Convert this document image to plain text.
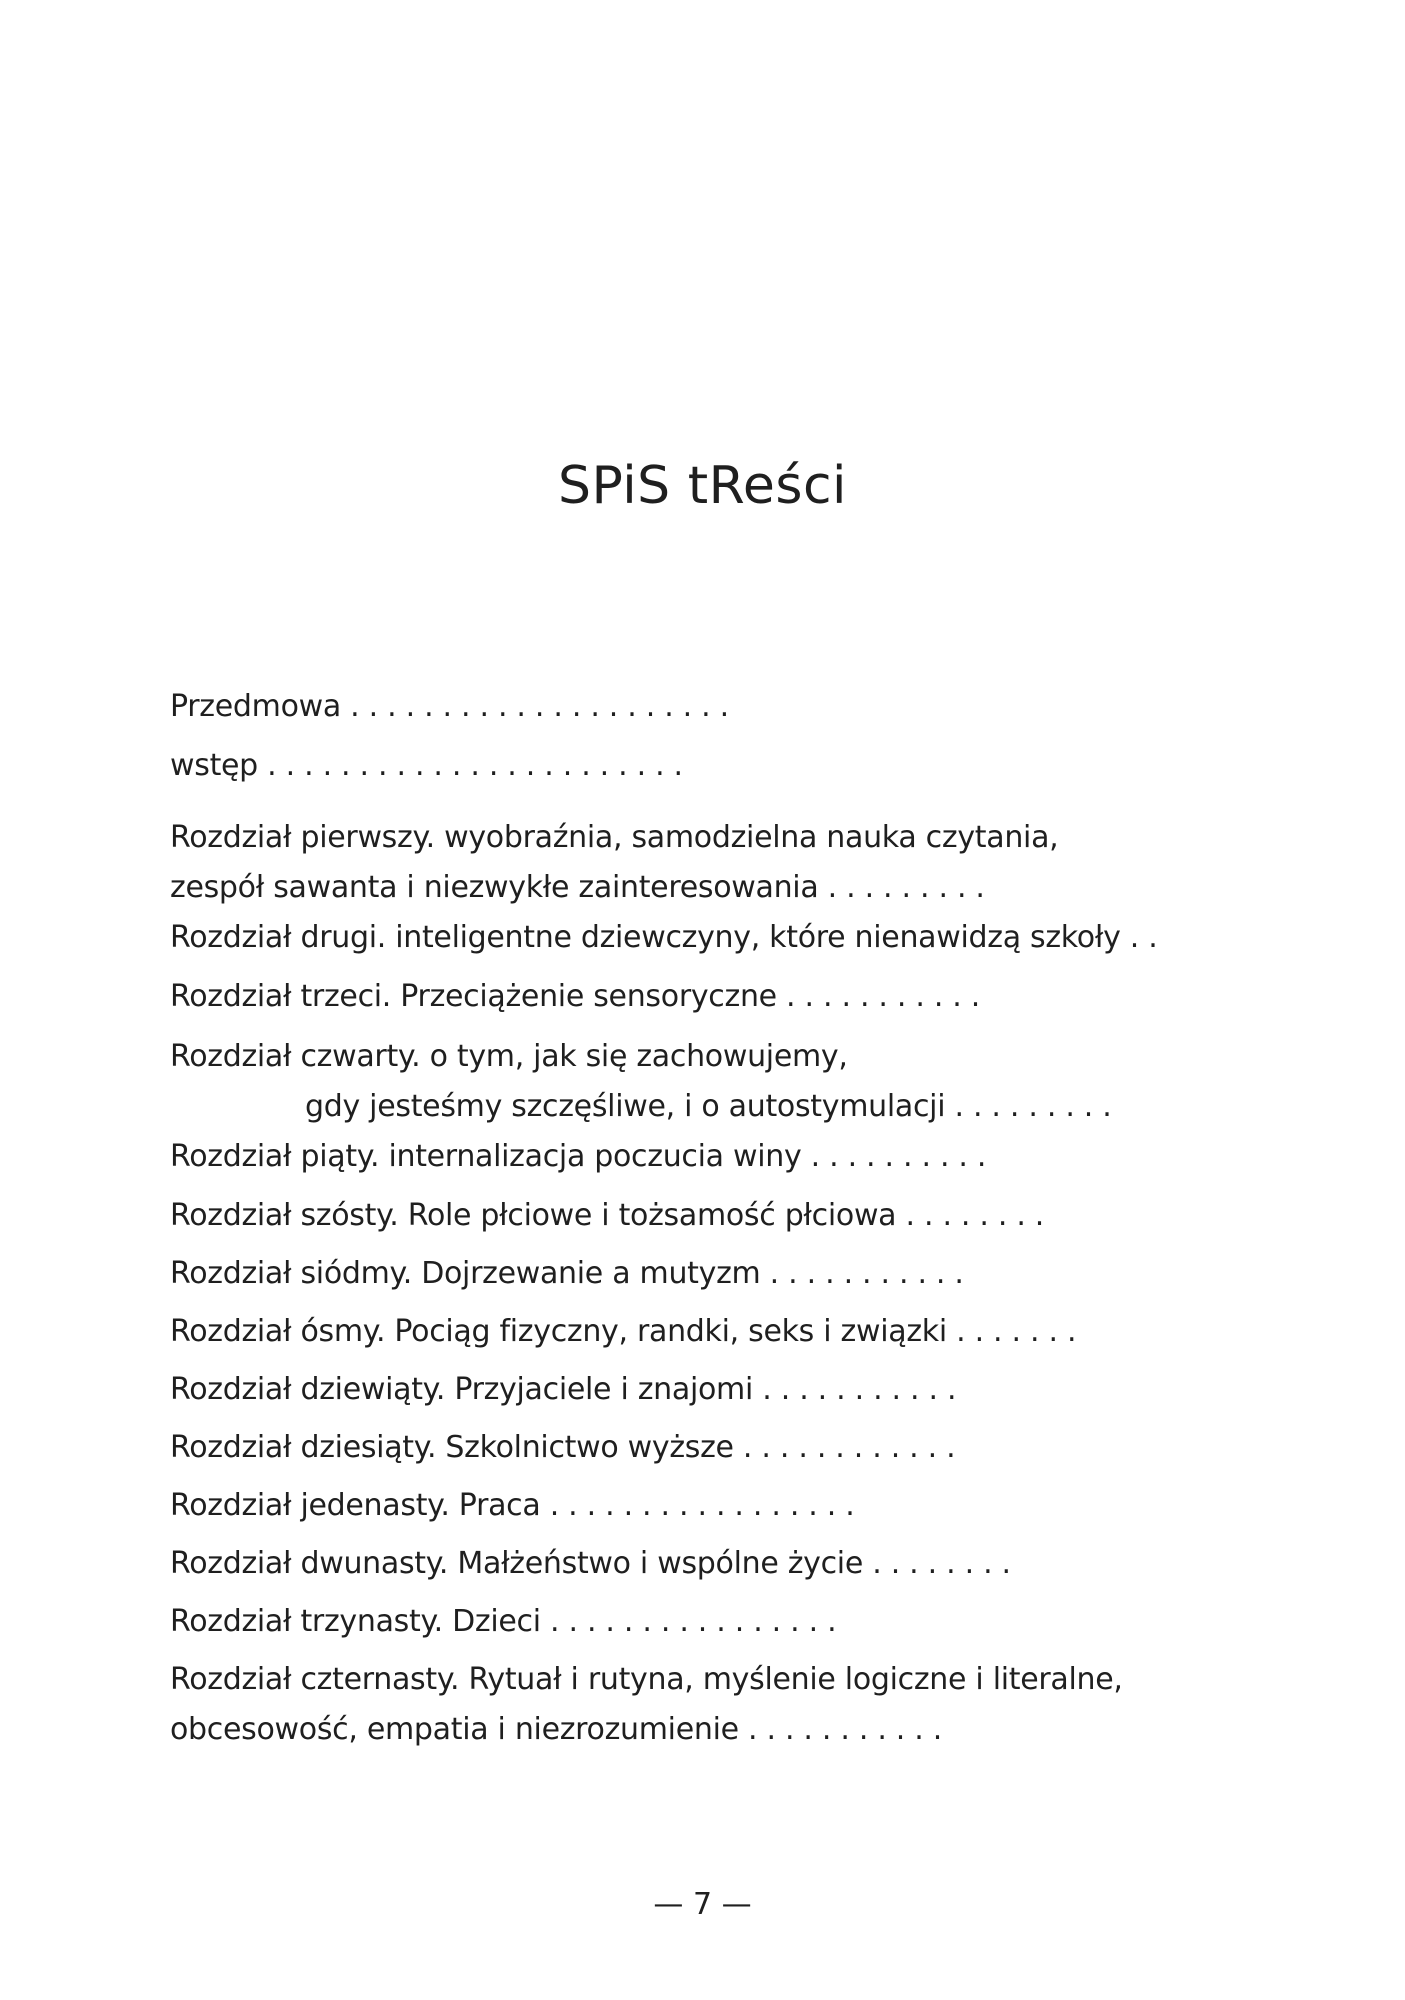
SPiS tReści
Przedmowa . . . . . . . . . . . . . . . . . . . . .
wstęp . . . . . . . . . . . . . . . . . . . . . . .
Rozdział pierwszy. wyobraźnia, samodzielna nauka czytania,
zespół sawanta i niezwykłe zainteresowania . . . . . . . . .
Rozdział drugi. inteligentne dziewczyny, które nienawidzą szkoły . .
Rozdział trzeci. Przeciążenie sensoryczne . . . . . . . . . . .
Rozdział czwarty. o tym, jak się zachowujemy,
gdy jesteśmy szczęśliwe, i o autostymulacji . . . . . . . . .
Rozdział piąty. internalizacja poczucia winy . . . . . . . . . .
Rozdział szósty. Role płciowe i tożsamość płciowa . . . . . . . .
Rozdział siódmy. Dojrzewanie a mutyzm . . . . . . . . . . .
Rozdział ósmy. Pociąg fizyczny, randki, seks i związki . . . . . . .
Rozdział dziewiąty. Przyjaciele i znajomi . . . . . . . . . . .
Rozdział dziesiąty. Szkolnictwo wyższe . . . . . . . . . . . .
Rozdział jedenasty. Praca . . . . . . . . . . . . . . . . .
Rozdział dwunasty. Małżeństwo i wspólne życie . . . . . . . .
Rozdział trzynasty. Dzieci . . . . . . . . . . . . . . . .
Rozdział czternasty. Rytuał i rutyna, myślenie logiczne i literalne,
obcesowość, empatia i niezrozumienie . . . . . . . . . . .
— 7 —
